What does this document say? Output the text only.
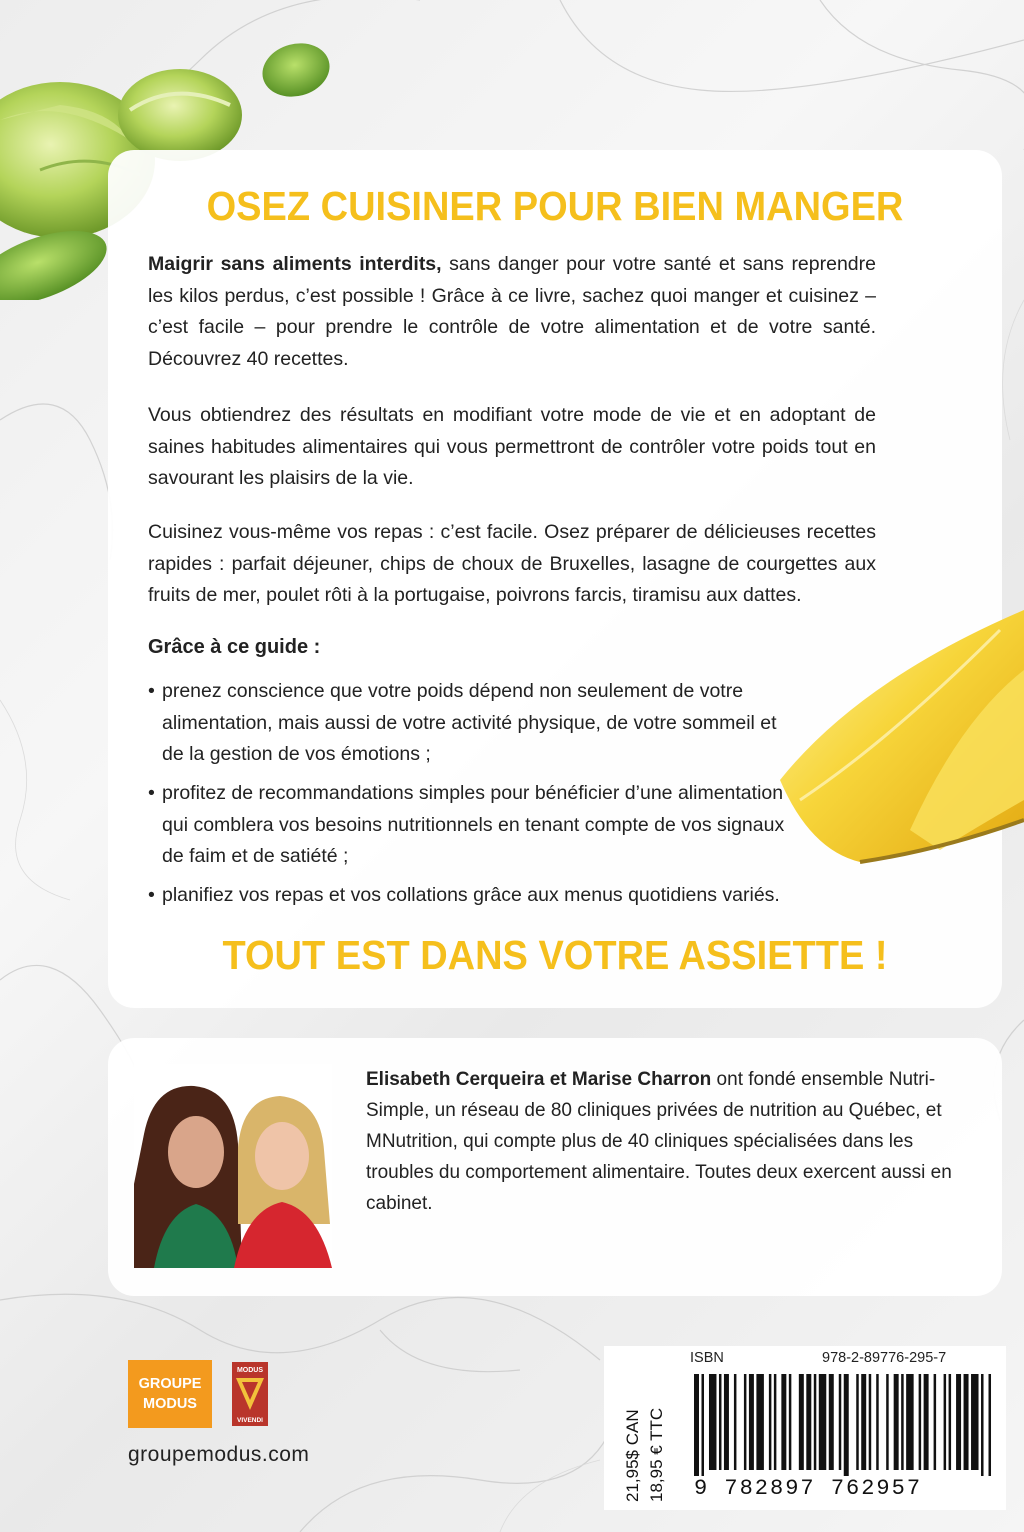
OSEZ CUISINER POUR BIEN MANGER

Maigrir sans aliments interdits, sans danger pour votre santé et sans reprendre les kilos perdus, c’est possible ! Grâce à ce livre, sachez quoi manger et cuisinez – c’est facile – pour prendre le contrôle de votre alimentation et de votre santé. Découvrez 40 recettes.

Vous obtiendrez des résultats en modifiant votre mode de vie et en adoptant de saines habitudes alimentaires qui vous permettront de contrôler votre poids tout en savourant les plaisirs de la vie.

Cuisinez vous-même vos repas : c’est facile. Osez préparer de délicieuses recettes rapides : parfait déjeuner, chips de choux de Bruxelles, lasagne de courgettes aux fruits de mer, poulet rôti à la portugaise, poivrons farcis, tiramisu aux dattes.

Grâce à ce guide :
• prenez conscience que votre poids dépend non seulement de votre alimentation, mais aussi de votre activité physique, de votre sommeil et de la gestion de vos émotions ;
• profitez de recommandations simples pour bénéficier d’une alimentation qui comblera vos besoins nutritionnels en tenant compte de vos signaux de faim et de satiété ;
• planifiez vos repas et vos collations grâce aux menus quotidiens variés.
TOUT EST DANS VOTRE ASSIETTE !

Elisabeth Cerqueira et Marise Charron ont fondé ensemble Nutri-Simple, un réseau de 80 cliniques privées de nutrition au Québec, et MNutrition, qui compte plus de 40 cliniques spécialisées dans les troubles du comportement alimentaire. Toutes deux exercent aussi en cabinet.

GROUPE
MODUS
MODUS
VIVENDI
groupemodus.com	21,95$ CAN 18,95 € TTC
ISBN	978-2-89776-295-7
9 782897 762957
